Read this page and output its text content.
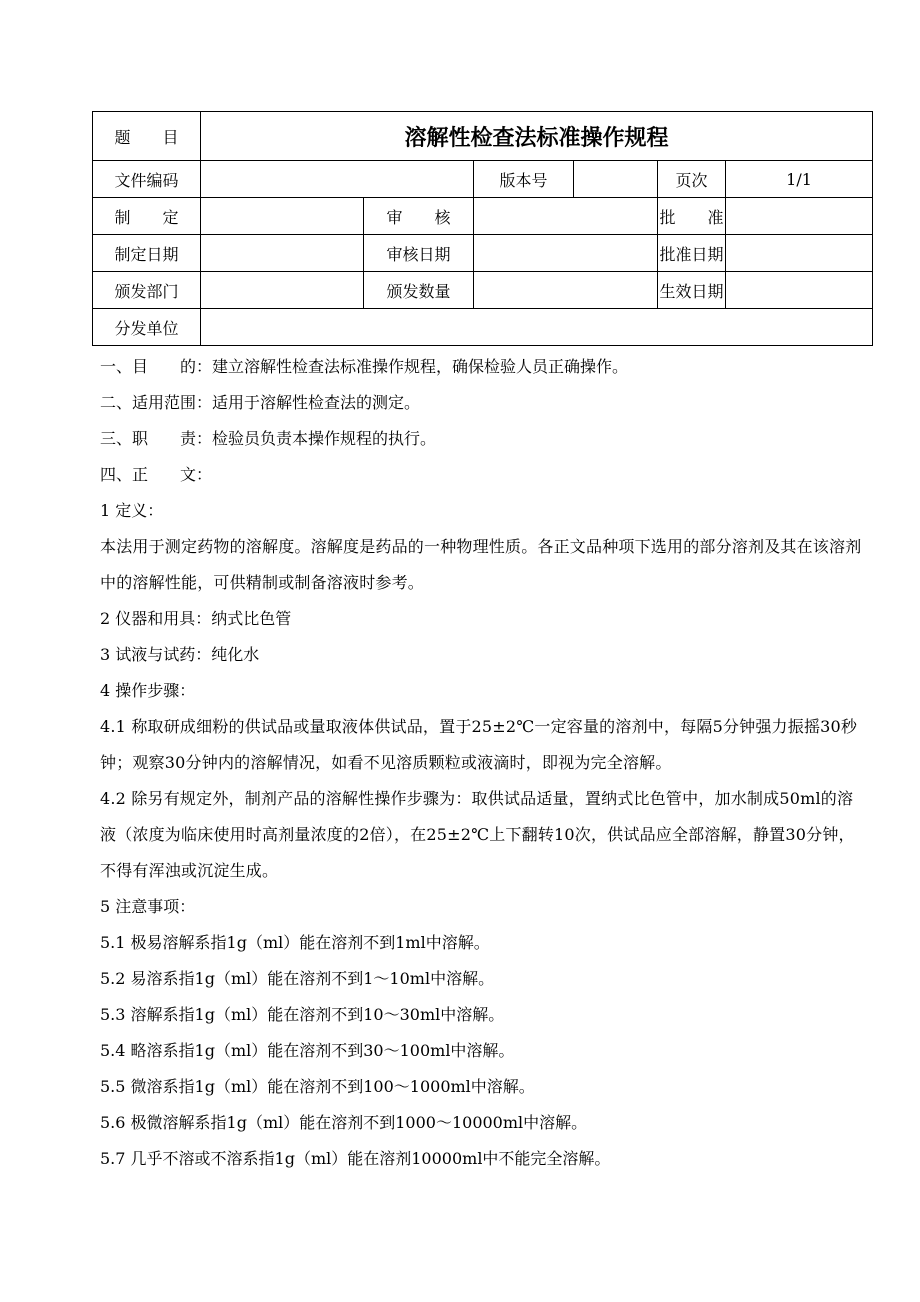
题　　目	溶解性检查法标准操作规程					
文件编码			版本号		页次	1/1
制　　定		审　　核			批　　准	
制定日期		审核日期			批准日期	
颁发部门		颁发数量			生效日期	
分发单位						

一、目　　的：建立溶解性检查法标准操作规程，确保检验人员正确操作。

二、适用范围：适用于溶解性检查法的测定。

三、职　　责：检验员负责本操作规程的执行。

四、正　　文：

1 定义：

本法用于测定药物的溶解度。溶解度是药品的一种物理性质。各正文品种项下选用的部分溶剂及其在该溶剂中的溶解性能，可供精制或制备溶液时参考。

2 仪器和用具：纳式比色管

3 试液与试药：纯化水

4 操作步骤：

4.1 称取研成细粉的供试品或量取液体供试品，置于25±2℃一定容量的溶剂中，每隔5分钟强力振摇30秒钟；观察30分钟内的溶解情况，如看不见溶质颗粒或液滴时，即视为完全溶解。

4.2 除另有规定外，制剂产品的溶解性操作步骤为：取供试品适量，置纳式比色管中，加水制成50ml的溶液（浓度为临床使用时高剂量浓度的2倍），在25±2℃上下翻转10次，供试品应全部溶解，静置30分钟，不得有浑浊或沉淀生成。

5 注意事项：

5.1 极易溶解系指1g（ml）能在溶剂不到1ml中溶解。

5.2 易溶系指1g（ml）能在溶剂不到1～10ml中溶解。

5.3 溶解系指1g（ml）能在溶剂不到10～30ml中溶解。

5.4 略溶系指1g（ml）能在溶剂不到30～100ml中溶解。

5.5 微溶系指1g（ml）能在溶剂不到100～1000ml中溶解。

5.6 极微溶解系指1g（ml）能在溶剂不到1000～10000ml中溶解。

5.7 几乎不溶或不溶系指1g（ml）能在溶剂10000ml中不能完全溶解。
